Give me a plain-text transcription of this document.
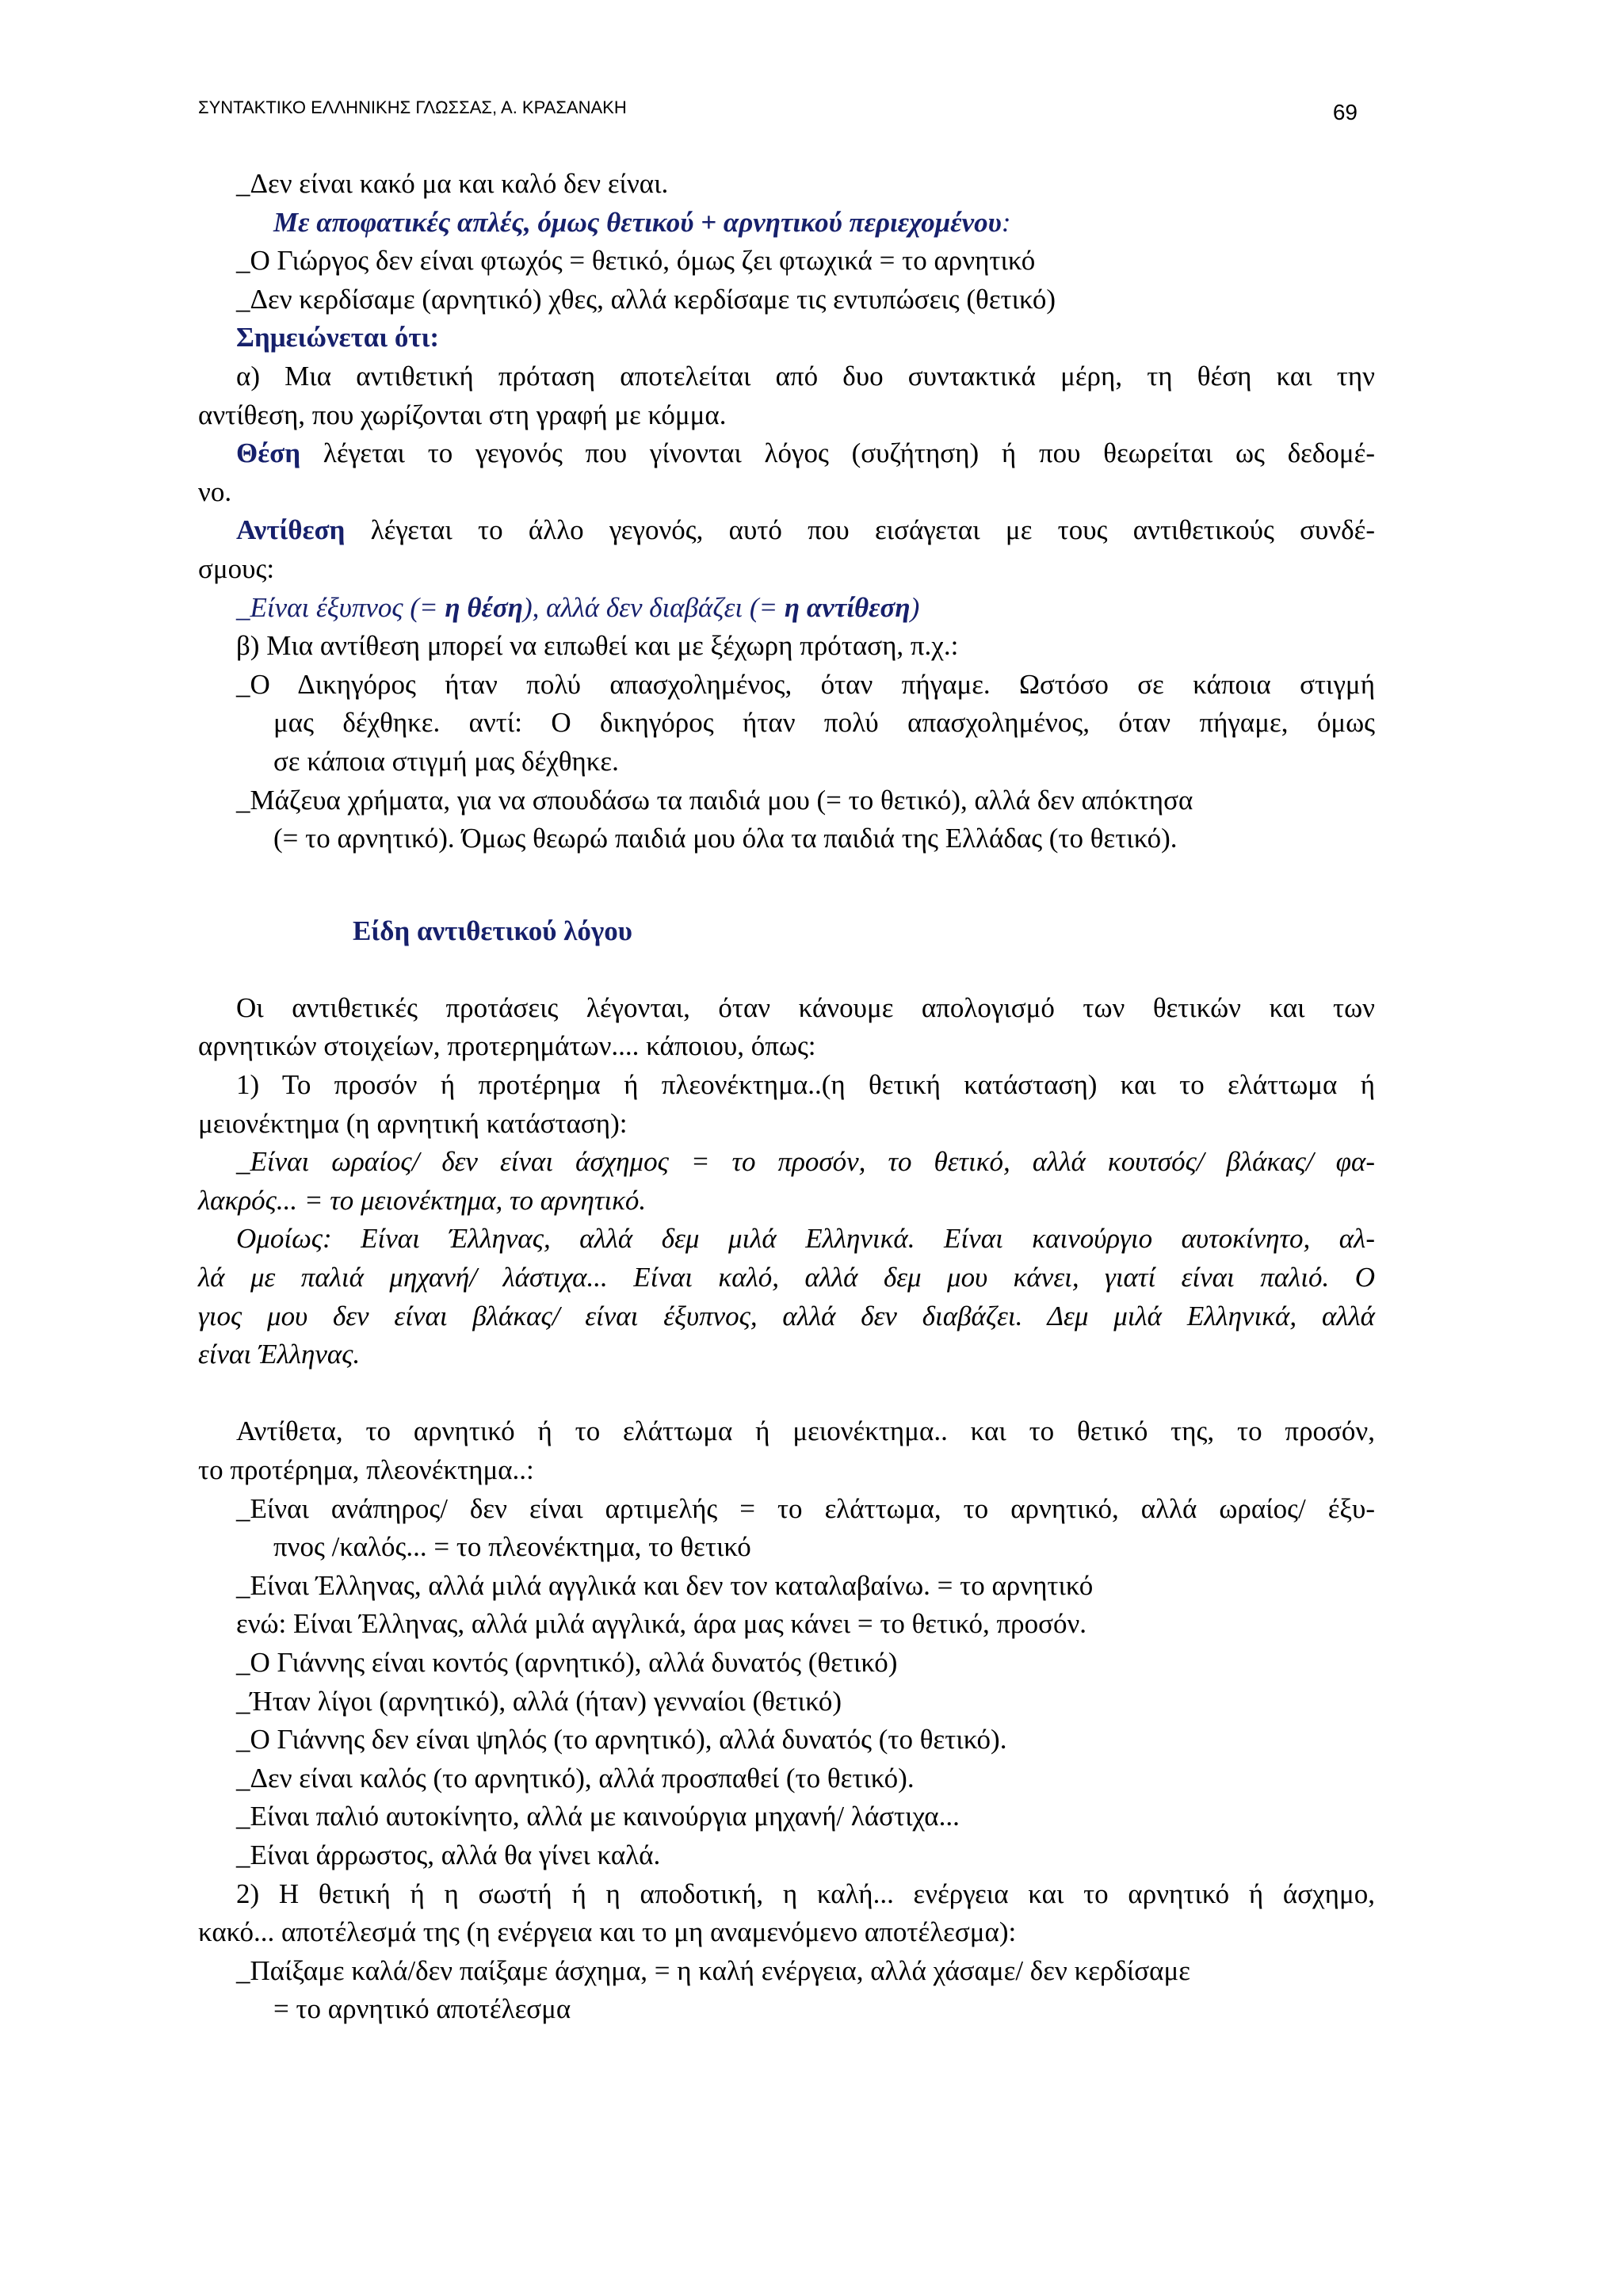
ΣΥΝΤΑΚΤΙΚΟ ΕΛΛΗΝΙΚΗΣ ΓΛΩΣΣΑΣ, Α. ΚΡΑΣΑΝΑΚΗ	69
_Δεν είναι κακό μα και καλό δεν είναι.
Με αποφατικές απλές, όμως θετικού + αρνητικού περιεχομένου:
_Ο Γιώργος δεν είναι φτωχός = θετικό, όμως ζει φτωχικά = το αρνητικό
_Δεν κερδίσαμε (αρνητικό) χθες, αλλά κερδίσαμε τις εντυπώσεις (θετικό)
Σημειώνεται ότι:
α) Μια αντιθετική πρόταση αποτελείται από δυο συντακτικά μέρη, τη θέση και την
αντίθεση, που χωρίζονται στη γραφή με κόμμα.
Θέση λέγεται το γεγονός που γίνονται λόγος (συζήτηση) ή που θεωρείται ως δεδομέ-
νο.
Αντίθεση λέγεται το άλλο γεγονός, αυτό που εισάγεται με τους αντιθετικούς συνδέ-
σμους:
_Είναι έξυπνος (= η θέση), αλλά δεν διαβάζει (= η αντίθεση)
β) Μια αντίθεση μπορεί να ειπωθεί και με ξέχωρη πρόταση, π.χ.:
_Ο Δικηγόρος ήταν πολύ απασχολημένος, όταν πήγαμε. Ωστόσο σε κάποια στιγμή
μας δέχθηκε. αντί: Ο δικηγόρος ήταν πολύ απασχολημένος, όταν πήγαμε, όμως
σε κάποια στιγμή μας δέχθηκε.
_Μάζευα χρήματα, για να σπουδάσω τα παιδιά μου (= το θετικό), αλλά δεν απόκτησα
(= το αρνητικό). Όμως θεωρώ παιδιά μου όλα τα παιδιά της Ελλάδας (το θετικό).
Είδη αντιθετικού λόγου
Οι αντιθετικές προτάσεις λέγονται, όταν κάνουμε απολογισμό των θετικών και των
αρνητικών στοιχείων, προτερημάτων.... κάποιου, όπως:
1) Το προσόν ή προτέρημα ή πλεονέκτημα..(η θετική κατάσταση) και το ελάττωμα ή
μειονέκτημα (η αρνητική κατάσταση):
_Είναι ωραίος/ δεν είναι άσχημος = το προσόν, το θετικό, αλλά κουτσός/ βλάκας/ φα-
λακρός... = το μειονέκτημα, το αρνητικό.
Ομοίως: Είναι Έλληνας, αλλά δεμ μιλά Ελληνικά. Είναι καινούργιο αυτοκίνητο, αλ-
λά με παλιά μηχανή/ λάστιχα... Είναι καλό, αλλά δεμ μου κάνει, γιατί είναι παλιό. Ο
γιος μου δεν είναι βλάκας/ είναι έξυπνος, αλλά δεν διαβάζει. Δεμ μιλά Ελληνικά, αλλά
είναι Έλληνας.
Αντίθετα, το αρνητικό ή το ελάττωμα ή μειονέκτημα.. και το θετικό της, το προσόν,
το προτέρημα, πλεονέκτημα..:
_Είναι ανάπηρος/ δεν είναι αρτιμελής = το ελάττωμα, το αρνητικό, αλλά ωραίος/ έξυ-
πνος /καλός... = το πλεονέκτημα, το θετικό
_Είναι Έλληνας, αλλά μιλά αγγλικά και δεν τον καταλαβαίνω. = το αρνητικό
ενώ: Είναι Έλληνας, αλλά μιλά αγγλικά, άρα μας κάνει = το θετικό, προσόν.
_Ο Γιάννης είναι κοντός (αρνητικό), αλλά δυνατός (θετικό)
_Ήταν λίγοι (αρνητικό), αλλά (ήταν) γενναίοι (θετικό)
_Ο Γιάννης δεν είναι ψηλός (το αρνητικό), αλλά δυνατός (το θετικό).
_Δεν είναι καλός (το αρνητικό), αλλά προσπαθεί (το θετικό).
_Είναι παλιό αυτοκίνητο, αλλά με καινούργια μηχανή/ λάστιχα...
_Είναι άρρωστος, αλλά θα γίνει καλά.
2) Η θετική ή η σωστή ή η αποδοτική, η καλή... ενέργεια και το αρνητικό ή άσχημο,
κακό... αποτέλεσμά της (η ενέργεια και το μη αναμενόμενο αποτέλεσμα):
_Παίξαμε καλά/δεν παίξαμε άσχημα, = η καλή ενέργεια, αλλά χάσαμε/ δεν κερδίσαμε
= το αρνητικό αποτέλεσμα
